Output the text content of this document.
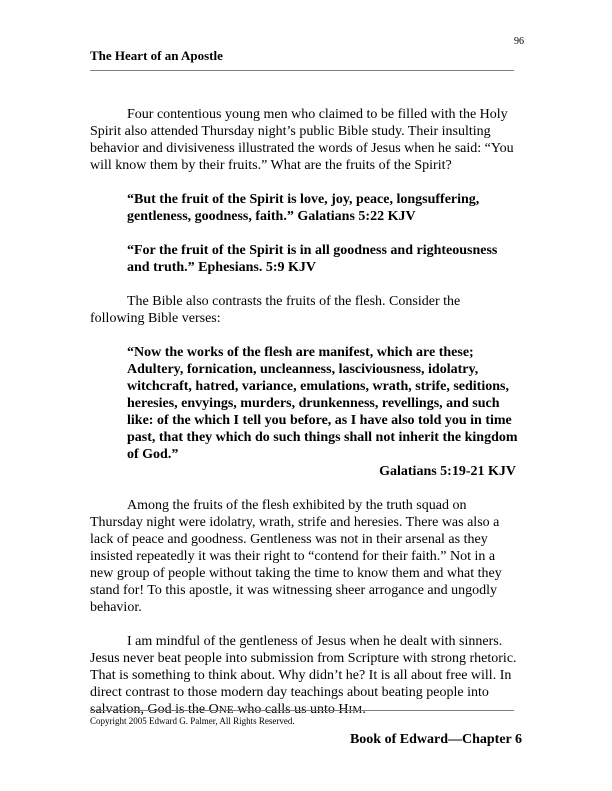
96
The Heart of an Apostle

Four contentious young men who claimed to be filled with the Holy Spirit also attended Thursday night’s public Bible study. Their insulting behavior and divisiveness illustrated the words of Jesus when he said: “You will know them by their fruits.” What are the fruits of the Spirit?

“But the fruit of the Spirit is love, joy, peace, longsuffering, gentleness, goodness, faith.” Galatians 5:22 KJV

“For the fruit of the Spirit is in all goodness and righteousness and truth.” Ephesians. 5:9 KJV

The Bible also contrasts the fruits of the flesh. Consider the following Bible verses:

“Now the works of the flesh are manifest, which are these; Adultery, fornication, uncleanness, lasciviousness, idolatry, witchcraft, hatred, variance, emulations, wrath, strife, seditions, heresies, envyings, murders, drunkenness, revellings, and such like: of the which I tell you before, as I have also told you in time past, that they which do such things shall not inherit the kingdom of God.”
Galatians 5:19-21 KJV

Among the fruits of the flesh exhibited by the truth squad on Thursday night were idolatry, wrath, strife and heresies. There was also a lack of peace and goodness. Gentleness was not in their arsenal as they insisted repeatedly it was their right to “contend for their faith.” Not in a new group of people without taking the time to know them and what they stand for! To this apostle, it was witnessing sheer arrogance and ungodly behavior.

I am mindful of the gentleness of Jesus when he dealt with sinners. Jesus never beat people into submission from Scripture with strong rhetoric. That is something to think about. Why didn’t he? It is all about free will. In direct contrast to those modern day teachings about beating people into salvation, God is the ONE who calls us unto HIM.

Copyright 2005 Edward G. Palmer, All Rights Reserved.
Book of Edward—Chapter 6
